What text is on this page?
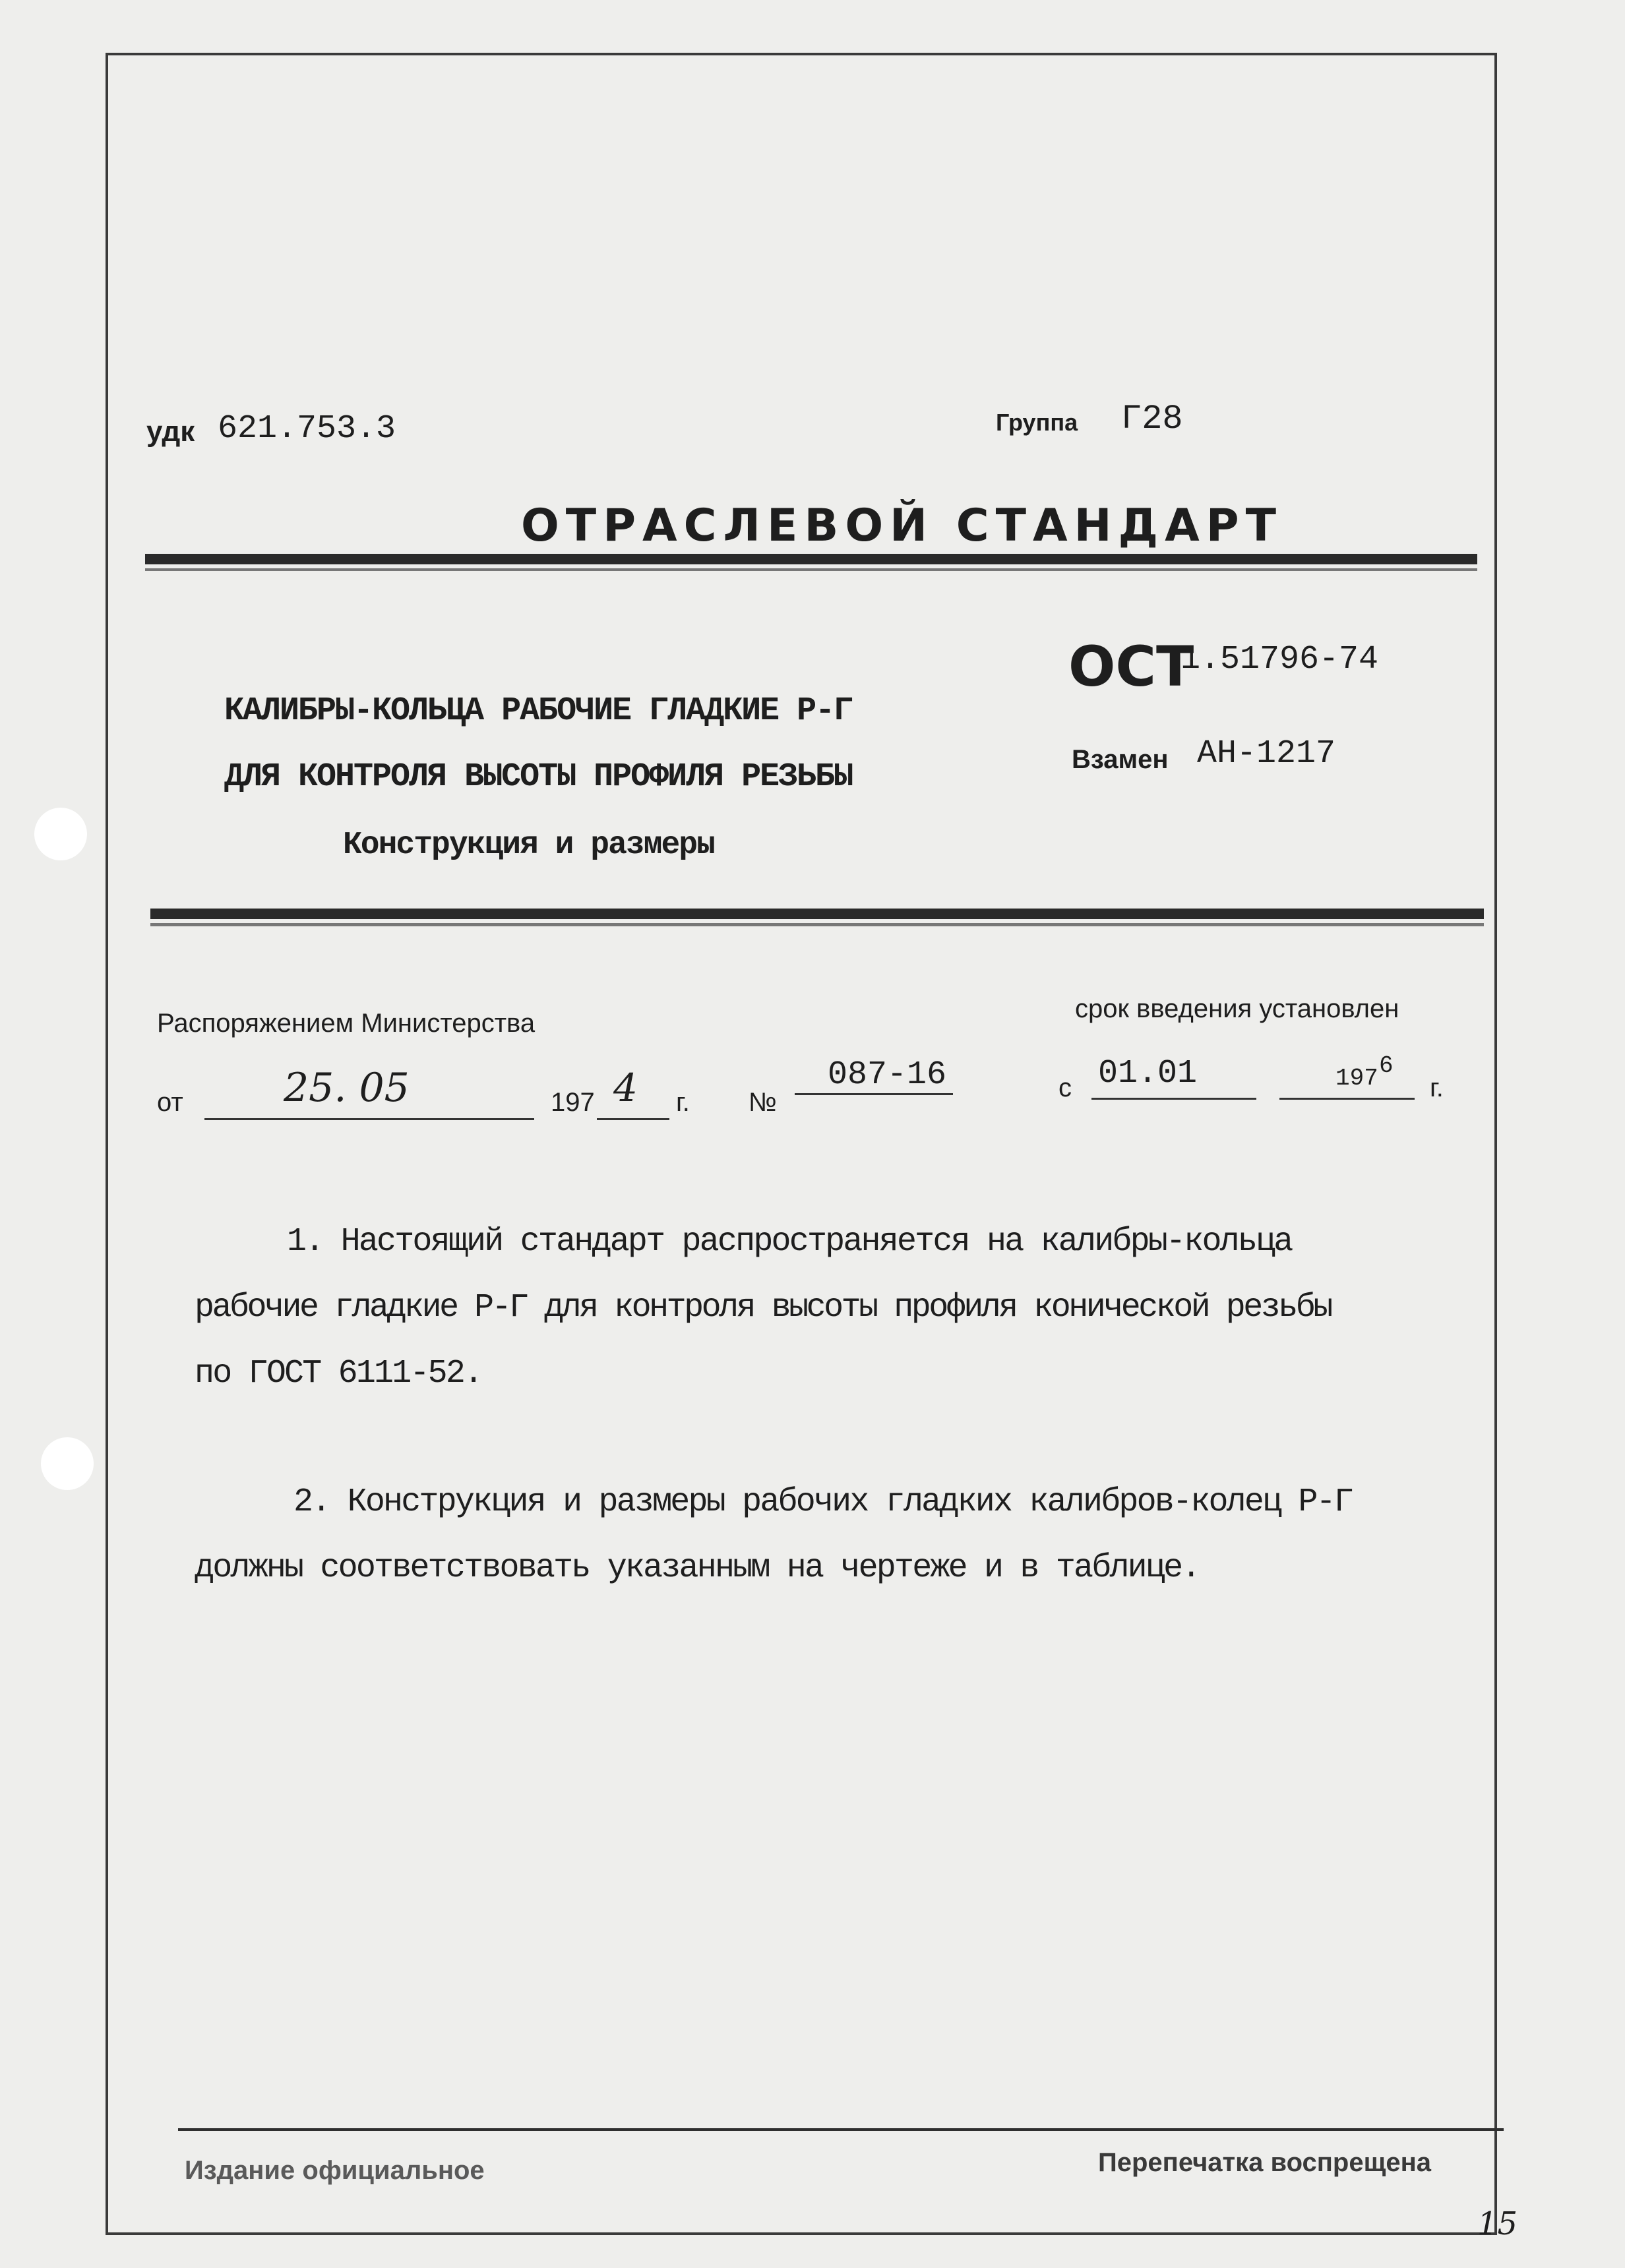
удк 621.753.3	Группа Г28
ОТРАСЛЕВОЙ СТАНДАРТ
КАЛИБРЫ-КОЛЬЦА РАБОЧИЕ ГЛАДКИЕ Р-Г
ДЛЯ КОНТРОЛЯ ВЫСОТЫ ПРОФИЛЯ РЕЗЬБЫ
Конструкция и размеры
ОСТ
1.51796-74
Взамен АН-1217
Распоряжением Министерства
от	25. 05	197 4 г. №
087-16
срок введения установлен
с 01.01	197 6
г.
1. Настоящий стандарт распространяется на калибры-кольца
рабочие гладкие Р-Г для контроля высоты профиля конической резьбы
по ГОСТ 6111-52.
2. Конструкция и размеры рабочих гладких калибров-колец Р-Г
должны соответствовать указанным на чертеже и в таблице.
Издание официальное	Перепечатка воспрещена
15
